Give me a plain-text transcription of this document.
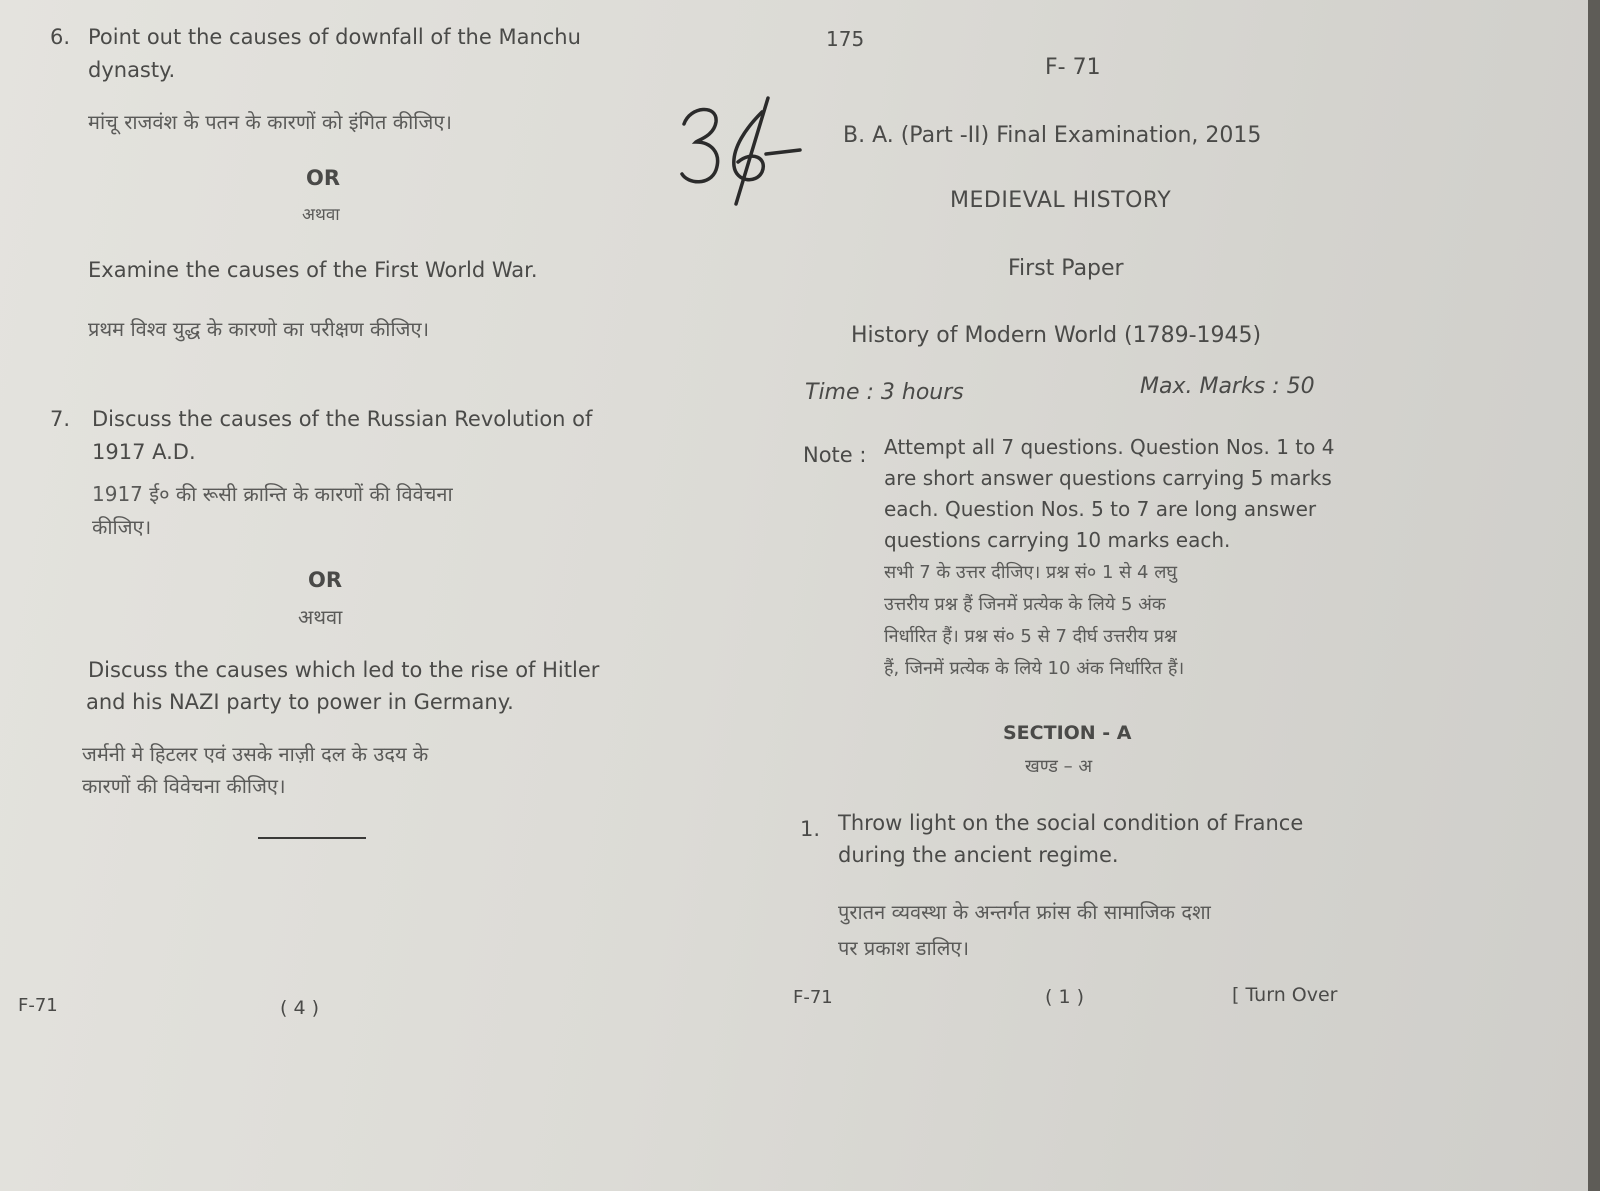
6. Point out the causes of downfall of the Manchu
dynasty.
मांचू राजवंश के पतन के कारणों को इंगित कीजिए।
OR
अथवा
Examine the causes of the First World War.
प्रथम विश्व युद्ध के कारणो का परीक्षण कीजिए।
7. Discuss the causes of the Russian Revolution of
1917 A.D.
1917 ई० की रूसी क्रान्ति के कारणों की विवेचना
कीजिए।
OR
अथवा
Discuss the causes which led to the rise of Hitler
and his NAZI party to power in Germany.
जर्मनी मे हिटलर एवं उसके नाज़ी दल के उदय के
कारणों की विवेचना कीजिए।
F-71	( 4 )
175
F- 71
B. A. (Part -II) Final Examination, 2015
MEDIEVAL HISTORY
First Paper
History of Modern World (1789-1945)
Time : 3 hours	Max. Marks : 50
Note : Attempt all 7 questions. Question Nos. 1 to 4
are short answer questions carrying 5 marks
each. Question Nos. 5 to 7 are long answer
questions carrying 10 marks each.
सभी 7 के उत्तर दीजिए। प्रश्न सं० 1 से 4 लघु
उत्तरीय प्रश्न हैं जिनमें प्रत्येक के लिये 5 अंक
निर्धारित हैं। प्रश्न सं० 5 से 7 दीर्घ उत्तरीय प्रश्न
हैं, जिनमें प्रत्येक के लिये 10 अंक निर्धारित हैं।
SECTION - A
खण्ड – अ
1. Throw light on the social condition of France
during the ancient regime.
पुरातन व्यवस्था के अन्तर्गत फ्रांस की सामाजिक दशा
पर प्रकाश डालिए।
F-71	( 1 )	[ Turn Over
